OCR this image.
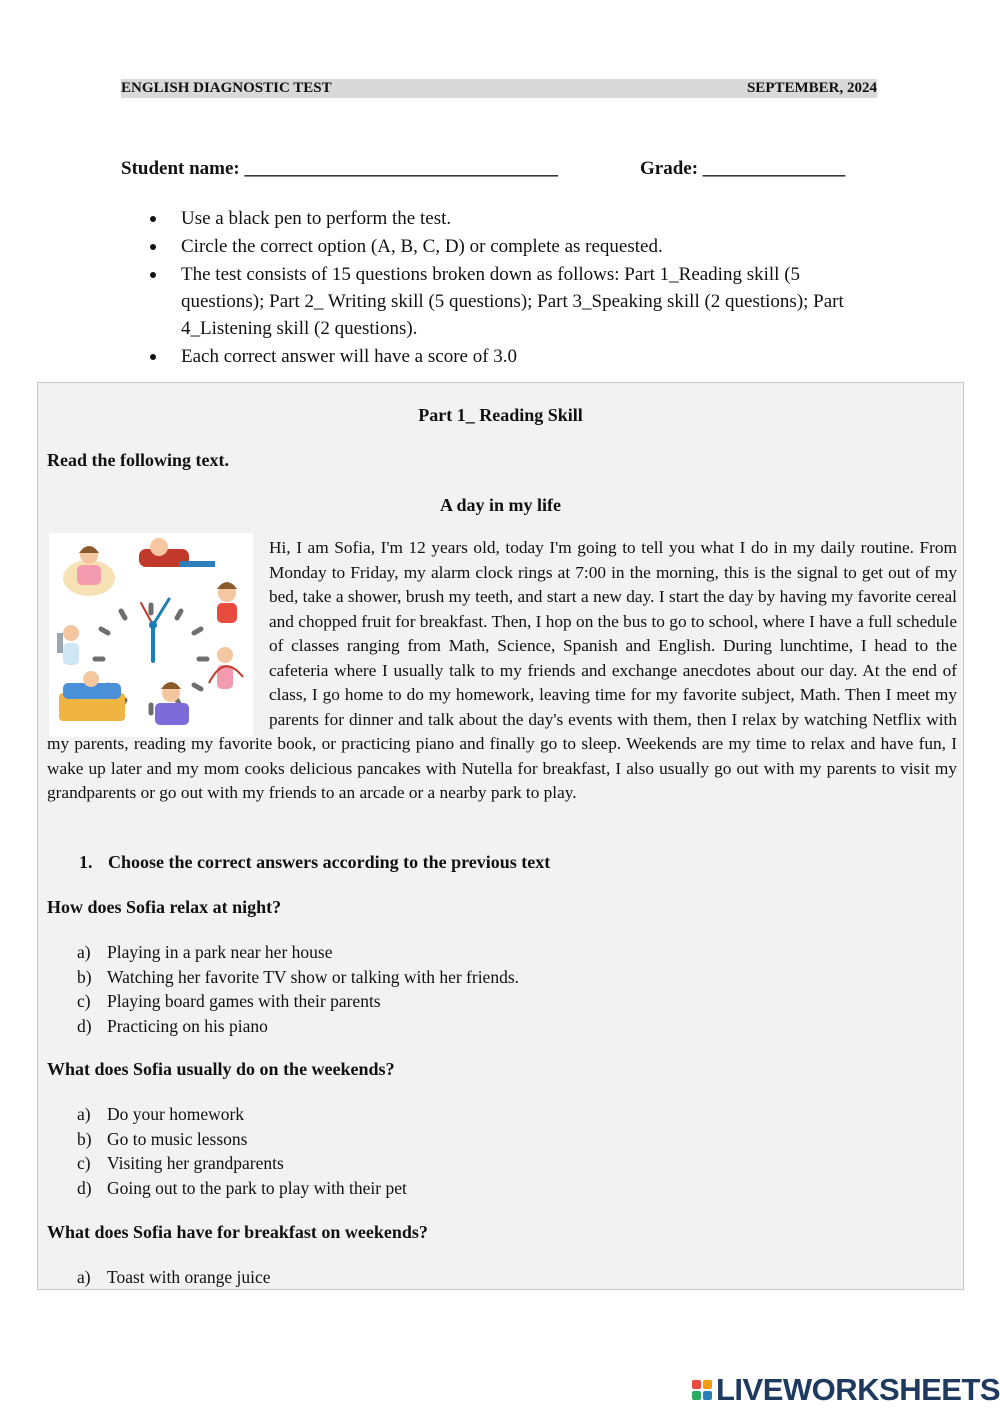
ENGLISH DIAGNOSTIC TEST	SEPTEMBER, 2024
Student name: _________________________________	Grade: _______________
Use a black pen to perform the test.
Circle the correct option (A, B, C, D) or complete as requested.
The test consists of 15 questions broken down as follows: Part 1_Reading skill (5 questions); Part 2_ Writing skill (5 questions); Part 3_Speaking skill (2 questions); Part 4_Listening skill (2 questions).
Each correct answer will have a score of 3.0
Part 1_ Reading Skill
Read the following text.
A day in my life

Hi, I am Sofia, I'm 12 years old, today I'm going to tell you what I do in my daily routine. From Monday to Friday, my alarm clock rings at 7:00 in the morning, this is the signal to get out of my bed, take a shower, brush my teeth, and start a new day. I start the day by having my favorite cereal and chopped fruit for breakfast. Then, I hop on the bus to go to school, where I have a full schedule of classes ranging from Math, Science, Spanish and English. During lunchtime, I head to the cafeteria where I usually talk to my friends and exchange anecdotes about our day. At the end of class, I go home to do my homework, leaving time for my favorite subject, Math. Then I meet my parents for dinner and talk about the day's events with them, then I relax by watching Netflix with my parents, reading my favorite book, or practicing piano and finally go to sleep. Weekends are my time to relax and have fun, I wake up later and my mom cooks delicious pancakes with Nutella for breakfast, I also usually go out with my parents to visit my grandparents or go out with my friends to an arcade or a nearby park to play.

1. Choose the correct answers according to the previous text
How does Sofia relax at night?
a) Playing in a park near her house
b) Watching her favorite TV show or talking with her friends.
c) Playing board games with their parents
d) Practicing on his piano
What does Sofia usually do on the weekends?
a) Do your homework
b) Go to music lessons
c) Visiting her grandparents
d) Going out to the park to play with their pet
What does Sofia have for breakfast on weekends?
a) Toast with orange juice
LIVEWORKSHEETS
